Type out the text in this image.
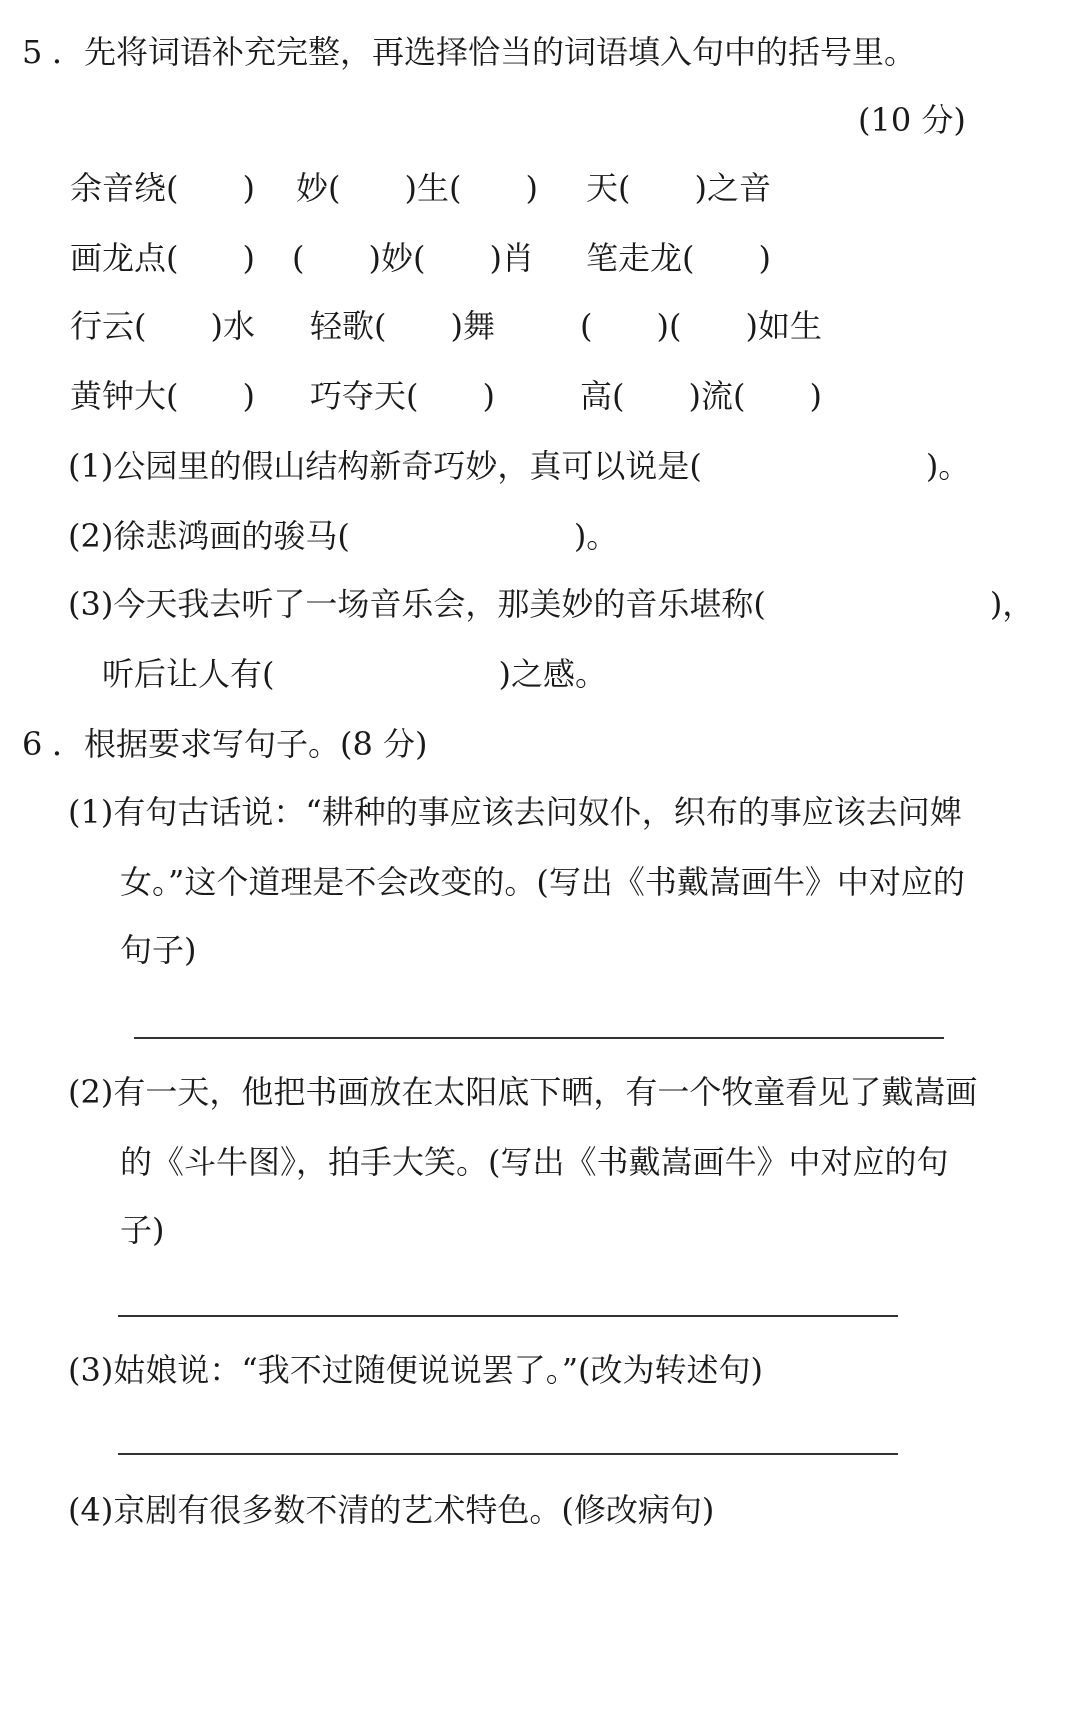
5 ．先将词语补充完整，再选择恰当的词语填入句中的括号里。
(10 分)
余音绕(　　) 妙(　　)生(　　) 天(　　)之音
画龙点(　　) (　　)妙(　　)肖 笔走龙(　　)
行云(　　)水 轻歌(　　)舞	(　　)(　　)如生
黄钟大(　　) 巧夺天(　　)	高(　　)流(　　)
(1)公园里的假山结构新奇巧妙，真可以说是(　　　　　　　)。
(2)徐悲鸿画的骏马(　　　　　　　)。
(3)今天我去听了一场音乐会，那美妙的音乐堪称(　　　　　　　)，
听后让人有(　　　　　　　)之感。
6 ．根据要求写句子。(8 分)
(1)有句古话说：“耕种的事应该去问奴仆，织布的事应该去问婢
女。”这个道理是不会改变的。(写出《书戴嵩画牛》中对应的
句子)
(2)有一天，他把书画放在太阳底下晒，有一个牧童看见了戴嵩画
的《斗牛图》，拍手大笑。(写出《书戴嵩画牛》中对应的句
子)
(3)姑娘说：“我不过随便说说罢了。”(改为转述句)
(4)京剧有很多数不清的艺术特色。(修改病句)
